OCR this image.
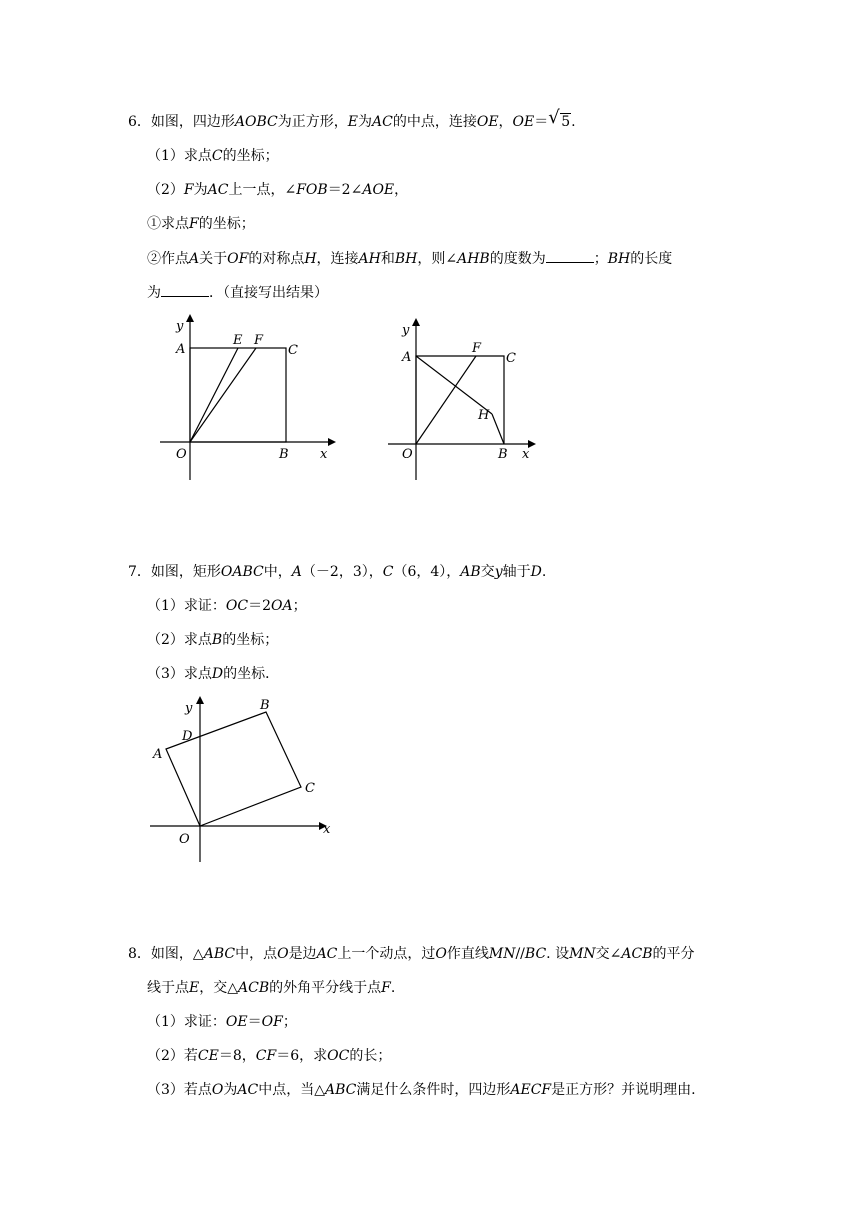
6．如图，四边形AOBC为正方形，E为AC的中点，连接OE，OE＝ √ 5.
（1）求点C的坐标；
（2）F为AC上一点，∠FOB＝2∠AOE，
①求点F的坐标；
②作点A关于OF的对称点H，连接AH和BH，则∠AHB的度数为	；BH的长度
为	．（直接写出结果）
y
A
E F
C
O	B x
y
A
F
C
H
O	B x
7．如图，矩形OABC中，A（－2，3），C（6，4），AB交y轴于D.
（1）求证：OC＝2OA；
（2）求点B的坐标；
（3）求点D的坐标．
y	B
D
A
C
O
x
8．如图，△ABC中，点O是边AC上一个动点，过O作直线MN//BC. 设MN交∠ACB的平分
线于点E，交△ACB的外角平分线于点F.
（1）求证：OE＝OF；
（2）若CE＝8，CF＝6，求OC的长；
（3）若点O为AC中点，当△ABC满足什么条件时，四边形AECF是正方形？并说明理由.
